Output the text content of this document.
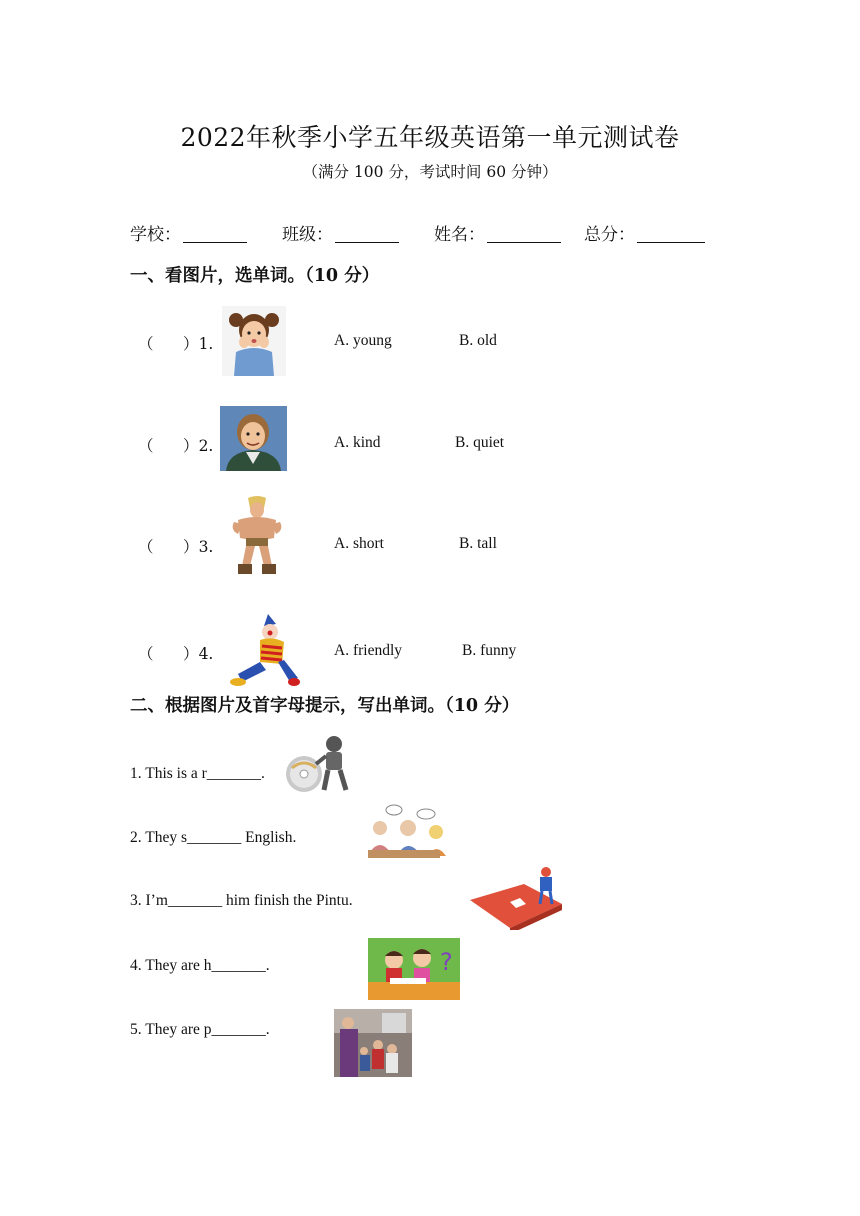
2022年秋季小学五年级英语第一单元测试卷
（满分 100 分，考试时间 60 分钟）
学校：	班级：	姓名：	总分：
一、看图片，选单词。（10 分）
（      ）1.	A. young	B. old
（      ）2.	A. kind	B. quiet
（      ）3.	A. short	B. tall
（      ）4.	A. friendly	B. funny
二、根据图片及首字母提示，写出单词。（10 分）
1. This is a r_______.
2. They s_______ English.
3. I’m_______ him finish the Pintu.
4. They are h_______.	?
5. They are p_______.
